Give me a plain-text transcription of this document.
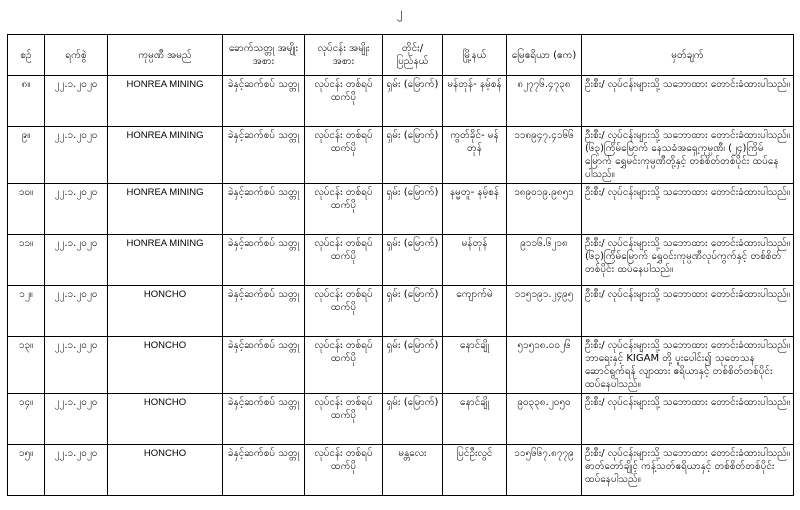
၂
စဉ်	ရက်စွဲ	ကုမ္ပဏီ အမည်	ခောက်သတ္တု အမျိုးအစား	လုပ်ငန်း အမျိုးအစား	တိုင်း/ ပြည်နယ်	မြို့နယ်	မြေဧရိယာ (ဧက)	မှတ်ချက်
၈။	၂၂.၁.၂၀၂၀	HONREA MINING	ခဲနှင့်ဆက်စပ် သတ္တု	လုပ်ငန်း တစ်ရပ်ထက်ပို	ရှမ်း (မြောက်)	မန်တုန်- နမ့်စန်	၈၂၇၇၆.၄၇၃၈	ဦးစီး/ လုပ်ငန်းများသို့ သဘောထား တောင်းခံထားပါသည်။
၉။	၂၂.၁.၂၀၂၀	HONREA MINING	ခဲနှင့်ဆက်စပ် သတ္တု	လုပ်ငန်း တစ်ရပ်ထက်ပို	ရှမ်း (မြောက်)	ကွတ်ခိုင်- မန်တုန်	၁၁၈၉၄၇.၄၁၆၆	ဦးစီး/ လုပ်ငန်းများသို့ သဘောထား တောင်းခံထားပါသည်။ (၆၃)ကြိမ်မြောက် နေသခံအရှေ့ကုမ္ပဏီ၊ (၂၄)ကြိမ်မြောက် ရွှေမင်းကုမ္ပဏီတို့နှင့် တစ်စိတ်တစ်ပိုင်း ထပ်နေပါသည်။
၁၀။	၂၂.၁.၂၀၂၀	HONREA MINING	ခဲနှင့်ဆက်စပ် သတ္တု	လုပ်ငန်း တစ်ရပ်ထက်ပို	ရှမ်း (မြောက်)	နမ္မတူ- နမ့်စန်	၁၈၉၀၁၉.၉၈၅၁	ဦးစီး/ လုပ်ငန်းများသို့ သဘောထား တောင်းခံထားပါသည်။
၁၁။	၂၂.၁.၂၀၂၀	HONREA MINING	ခဲနှင့်ဆက်စပ် သတ္တု	လုပ်ငန်း တစ်ရပ်ထက်ပို	ရှမ်း (မြောက်)	မန်တုန်	၉၁၁၆.၆၂၁၈	ဦးစီး/ လုပ်ငန်းများသို့ သဘောထား တောင်းခံထားပါသည်။ (၆၃)ကြိမ်မြောက် ရွှေဝင်းကုမ္ပဏီလုပ်ကွက်နှင့် တစ်စိတ်တစ်ပိုင်း ထပ်နေပါသည်။
၁၂။	၂၂.၁.၂၀၂၀	HONCHO	ခဲနှင့်ဆက်စပ် သတ္တု	လုပ်ငန်း တစ်ရပ်ထက်ပို	ရှမ်း (မြောက်)	ကျောက်မဲ	၁၁၅၁၉၁.၂၄၉၅	ဦးစီး/ လုပ်ငန်းများသို့ သဘောထား တောင်းခံထားပါသည်။
၁၃။	၂၂.၁.၂၀၂၀	HONCHO	ခဲနှင့်ဆက်စပ် သတ္တု	လုပ်ငန်း တစ်ရပ်ထက်ပို	ရှမ်း (မြောက်)	နောင်ချို	၅၁၅၁၈.၀၀၂၆	ဦးစီး/ လုပ်ငန်းများသို့ သဘောထား တောင်းခံထားပါသည်။ ဘာရေးနှင့် KIGAM တို့ ပူးပေါင်း၍ သုတေသနဆောင်ရွက်ရန် လျာထား ဧရိယာနှင့် တစ်စိတ်တစ်ပိုင်း ထပ်နေပါသည်။
၁၄။	၂၂.၁.၂၀၂၀	HONCHO	ခဲနှင့်ဆက်စပ် သတ္တု	လုပ်ငန်း တစ်ရပ်ထက်ပို	ရှမ်း (မြောက်)	နောင်ချို	၉၀၃၃၈.၂၀၅၀	ဦးစီး/ လုပ်ငန်းများသို့ သဘောထား တောင်းခံထားပါသည်။
၁၅။	၂၂.၁.၂၀၂၀	HONCHO	ခဲနှင့်ဆက်စပ် သတ္တု	လုပ်ငန်း တစ်ရပ်ထက်ပို	မန္တလေး	ပြင်ဦးလွင်	၁၁၅၆၆၇.၈၇၇၉	ဦးစီး/ လုပ်ငန်းများသို့ သဘောထား တောင်းခံထားပါသည်။ ဓာတ်တော်ချိုင့် ကန့်သတ်ဧရိယာနှင့် တစ်စိတ်တစ်ပိုင်း ထပ်နေပါသည်။
